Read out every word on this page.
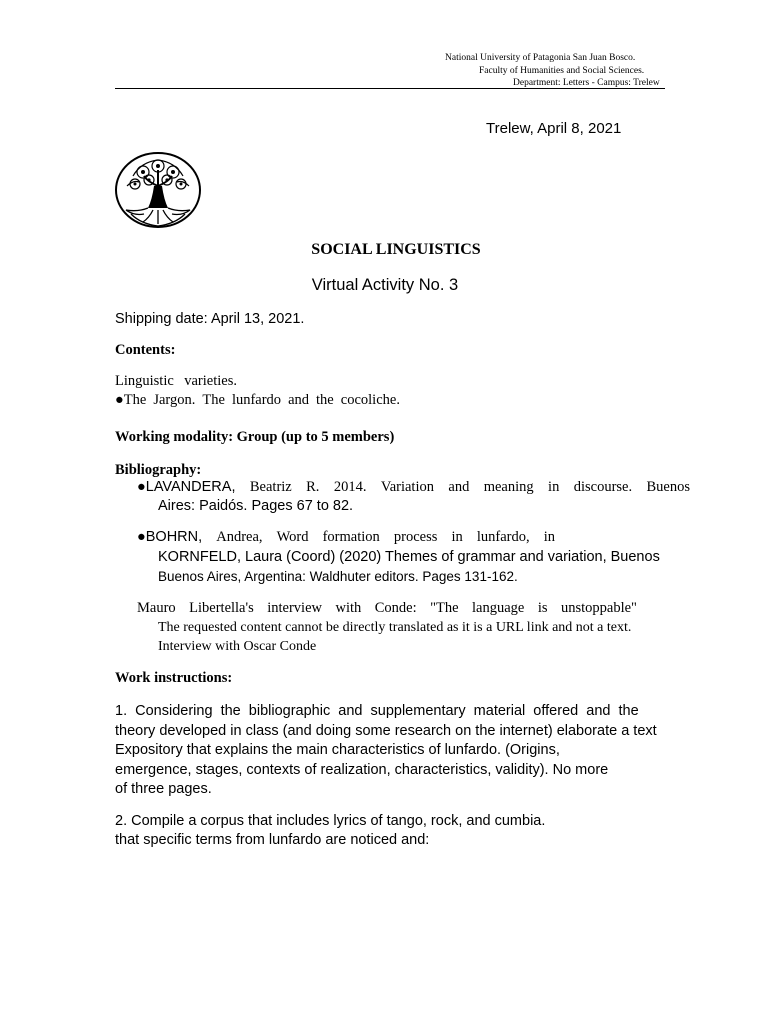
National University of Patagonia San Juan Bosco.
Faculty of Humanities and Social Sciences.
Department: Letters - Campus: Trelew
Trelew, April 8, 2021
SOCIAL LINGUISTICS
Virtual Activity No. 3
Shipping date: April 13, 2021.
Contents:
Linguistic varieties.
●The Jargon. The lunfardo and the cocoliche.
Working modality: Group (up to 5 members)
Bibliography:
●LAVANDERA, Beatriz R. 2014. Variation and meaning in discourse. Buenos
Aires: Paidós. Pages 67 to 82.
●BOHRN, Andrea, Word formation process in lunfardo, in
KORNFELD, Laura (Coord) (2020) Themes of grammar and variation, Buenos
Buenos Aires, Argentina: Waldhuter editors. Pages 131-162.
Mauro Libertella's interview with Conde: "The language is unstoppable"
The requested content cannot be directly translated as it is a URL link and not a text.
Interview with Oscar Conde
Work instructions:
1.  Considering  the  bibliographic  and  supplementary  material  offered  and  the
theory developed in class (and doing some research on the internet) elaborate a text
Expository that explains the main characteristics of lunfardo. (Origins,
emergence, stages, contexts of realization, characteristics, validity). No more
of three pages.
2. Compile a corpus that includes lyrics of tango, rock, and cumbia.
that specific terms from lunfardo are noticed and:
